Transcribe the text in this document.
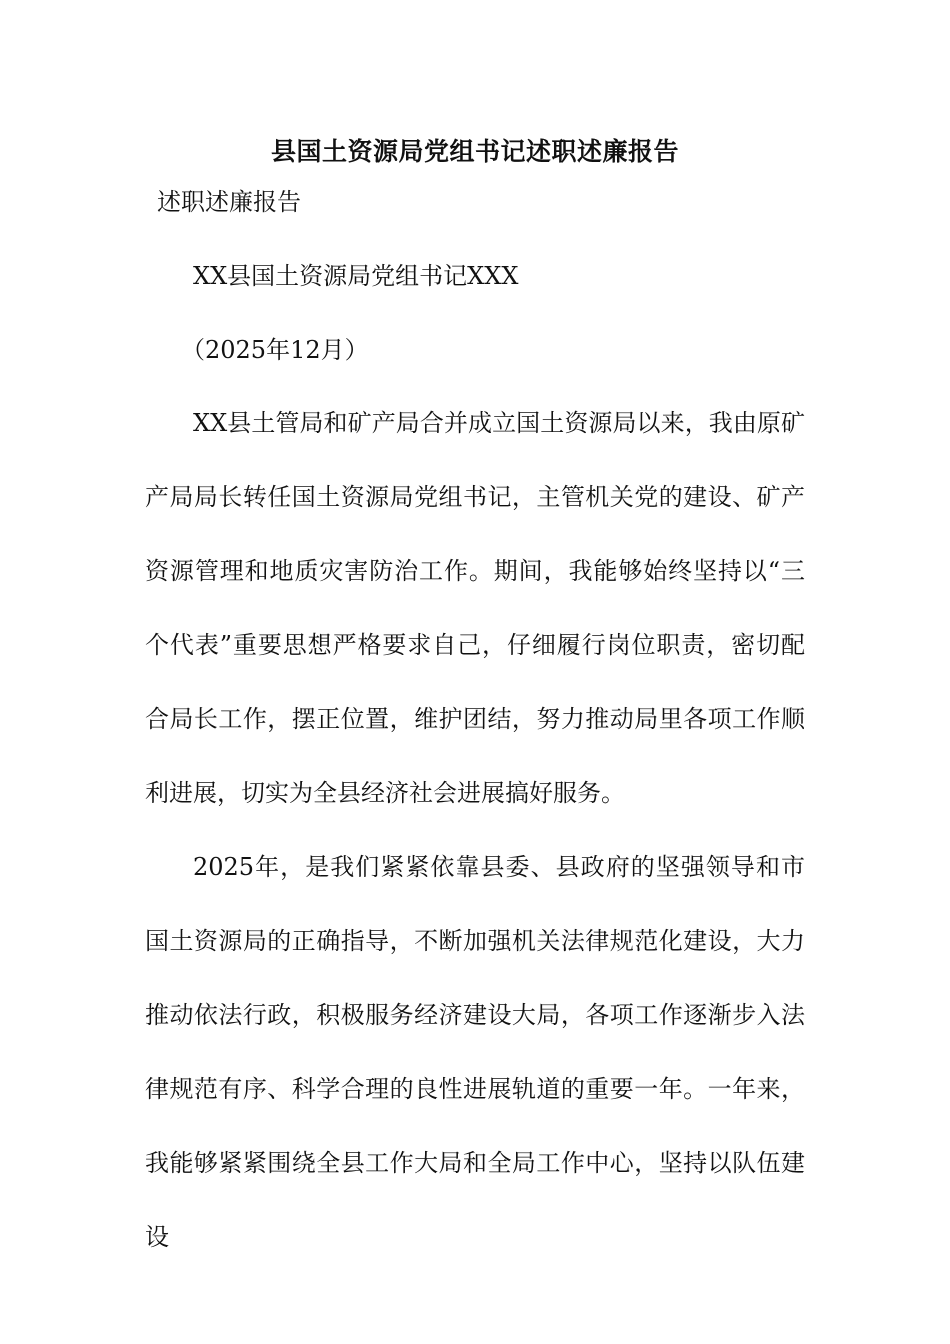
县国土资源局党组书记述职述廉报告
述职述廉报告
XX县国土资源局党组书记XXX
（2025年12月）

XX县土管局和矿产局合并成立国土资源局以来，我由原矿产局局长转任国土资源局党组书记，主管机关党的建设、矿产资源管理和地质灾害防治工作。期间，我能够始终坚持以“三个代表”重要思想严格要求自己，仔细履行岗位职责，密切配合局长工作，摆正位置，维护团结，努力推动局里各项工作顺利进展，切实为全县经济社会进展搞好服务。

2025年，是我们紧紧依靠县委、县政府的坚强领导和市国土资源局的正确指导，不断加强机关法律规范化建设，大力推动依法行政，积极服务经济建设大局，各项工作逐渐步入法律规范有序、科学合理的良性进展轨道的重要一年。一年来，我能够紧紧围绕全县工作大局和全局工作中心，坚持以队伍建设
